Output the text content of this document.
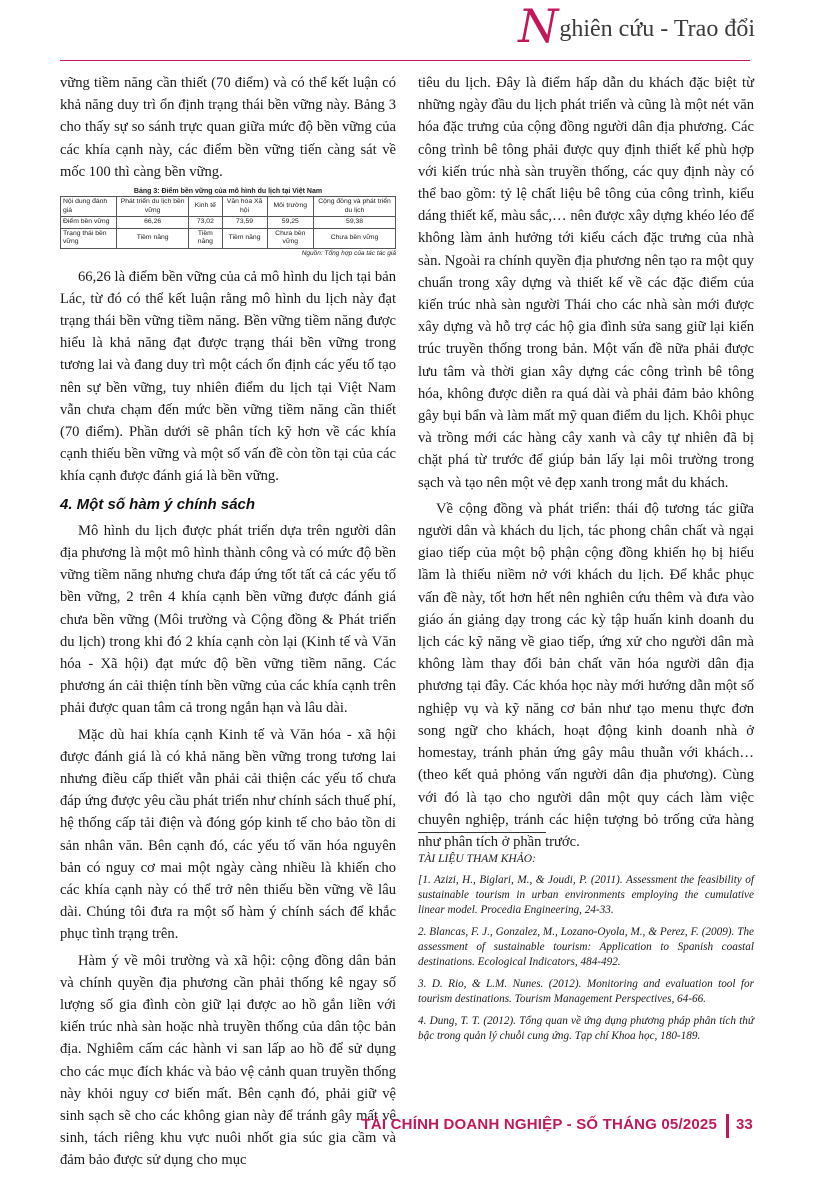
Nghiên cứu - Trao đổi

vững tiềm năng cần thiết (70 điểm) và có thể kết luận có khả năng duy trì ổn định trạng thái bền vững này. Bảng 3 cho thấy sự so sánh trực quan giữa mức độ bền vững của các khía cạnh này, các điểm bền vững tiến càng sát về mốc 100 thì càng bền vững.

Bảng 3: Điểm bền vững của mô hình du lịch tại Việt Nam
Nội dung đánh giá	Phát triển du lịch bền vững	Kinh tế	Văn hóa Xã hội	Môi trường	Cộng đồng và phát triển du lịch
Điểm bền vững	66,26	73,02	73,59	59,25	59,38
Trạng thái bền vững	Tiềm năng	Tiềm năng	Tiềm năng	Chưa bền vững	Chưa bền vững
Nguồn: Tổng hợp của tác tác giả

66,26 là điểm bền vững của cả mô hình du lịch tại bản Lác, từ đó có thể kết luận rằng mô hình du lịch này đạt trạng thái bền vững tiềm năng. Bền vững tiềm năng được hiểu là khả năng đạt được trạng thái bền vững trong tương lai và đang duy trì một cách ổn định các yếu tố tạo nên sự bền vững, tuy nhiên điểm du lịch tại Việt Nam vẫn chưa chạm đến mức bền vững tiềm năng cần thiết (70 điểm). Phần dưới sẽ phân tích kỹ hơn về các khía cạnh thiếu bền vững và một số vấn đề còn tồn tại của các khía cạnh được đánh giá là bền vững.

4. Một số hàm ý chính sách

Mô hình du lịch được phát triển dựa trên người dân địa phương là một mô hình thành công và có mức độ bền vững tiềm năng nhưng chưa đáp ứng tốt tất cả các yếu tố bền vững, 2 trên 4 khía cạnh bền vững được đánh giá chưa bền vững (Môi trường và Cộng đồng & Phát triển du lịch) trong khi đó 2 khía cạnh còn lại (Kinh tế và Văn hóa - Xã hội) đạt mức độ bền vững tiềm năng. Các phương án cải thiện tính bền vững của các khía cạnh trên phải được quan tâm cả trong ngắn hạn và lâu dài.

Mặc dù hai khía cạnh Kinh tế và Văn hóa - xã hội được đánh giá là có khả năng bền vững trong tương lai nhưng điều cấp thiết vẫn phải cải thiện các yếu tố chưa đáp ứng được yêu cầu phát triển như chính sách thuế phí, hệ thống cấp tải điện và đóng góp kinh tế cho bảo tồn di sản nhân văn. Bên cạnh đó, các yếu tố văn hóa nguyên bản có nguy cơ mai một ngày càng nhiều là khiến cho các khía cạnh này có thể trở nên thiếu bền vững về lâu dài. Chúng tôi đưa ra một số hàm ý chính sách để khắc phục tình trạng trên.

Hàm ý về môi trường và xã hội: cộng đồng dân bản và chính quyền địa phương cần phải thống kê ngay số lượng số gia đình còn giữ lại được ao hồ gắn liền với kiến trúc nhà sàn hoặc nhà truyền thống của dân tộc bản địa. Nghiêm cấm các hành vi san lấp ao hồ để sử dụng cho các mục đích khác và bảo vệ cảnh quan truyền thống này khỏi nguy cơ biến mất. Bên cạnh đó, phải giữ vệ sinh sạch sẽ cho các không gian này để tránh gây mất vệ sinh, tách riêng khu vực nuôi nhốt gia súc gia cầm và đảm bảo được sử dụng cho mục

tiêu du lịch. Đây là điểm hấp dẫn du khách đặc biệt từ những ngày đầu du lịch phát triển và cũng là một nét văn hóa đặc trưng của cộng đồng người dân địa phương. Các công trình bê tông phải được quy định thiết kế phù hợp với kiến trúc nhà sàn truyền thống, các quy định này có thể bao gồm: tỷ lệ chất liệu bê tông của công trình, kiểu dáng thiết kế, màu sắc,… nên được xây dựng khéo léo để không làm ảnh hưởng tới kiểu cách đặc trưng của nhà sàn. Ngoài ra chính quyền địa phương nên tạo ra một quy chuẩn trong xây dựng và thiết kế về các đặc điểm của kiến trúc nhà sàn người Thái cho các nhà sàn mới được xây dựng và hỗ trợ các hộ gia đình sửa sang giữ lại kiến trúc truyền thống trong bản. Một vấn đề nữa phải được lưu tâm và thời gian xây dựng các công trình bê tông hóa, không được diễn ra quá dài và phải đảm bảo không gây bụi bẩn và làm mất mỹ quan điểm du lịch. Khôi phục và trồng mới các hàng cây xanh và cây tự nhiên đã bị chặt phá từ trước để giúp bản lấy lại môi trường trong sạch và tạo nên một vẻ đẹp xanh trong mắt du khách.

Về cộng đồng và phát triển: thái độ tương tác giữa người dân và khách du lịch, tác phong chân chất và ngại giao tiếp của một bộ phận cộng đồng khiến họ bị hiểu lầm là thiếu niềm nở với khách du lịch. Để khắc phục vấn đề này, tốt hơn hết nên nghiên cứu thêm và đưa vào giáo án giảng dạy trong các kỳ tập huấn kinh doanh du lịch các kỹ năng về giao tiếp, ứng xử cho người dân mà không làm thay đổi bản chất văn hóa người dân địa phương tại đây. Các khóa học này mới hướng dẫn một số nghiệp vụ và kỹ năng cơ bản như tạo menu thực đơn song ngữ cho khách, hoạt động kinh doanh nhà ở homestay, tránh phản ứng gây mâu thuẫn với khách… (theo kết quả phỏng vấn người dân địa phương). Cùng với đó là tạo cho người dân một quy cách làm việc chuyên nghiệp, tránh các hiện tượng bỏ trống cửa hàng như phân tích ở phần trước.

TÀI LIỆU THAM KHẢO:

[1. Azizi, H., Biglari, M., & Joudi, P. (2011). Assessment the feasibility of sustainable tourism in urban environments employing the cumulative linear model. Procedia Engineering, 24-33.

2. Blancas, F. J., Gonzalez, M., Lozano-Oyola, M., & Perez, F. (2009). The assessment of sustainable tourism: Application to Spanish coastal destinations. Ecological Indicators, 484-492.

3. D. Rio, & L.M. Nunes. (2012). Monitoring and evaluation tool for tourism destinations. Tourism Management Perspectives, 64-66.

4. Dung, T. T. (2012). Tổng quan về ứng dụng phương pháp phân tích thứ bậc trong quản lý chuỗi cung ứng. Tạp chí Khoa học, 180-189.

TÀI CHÍNH DOANH NGHIỆP - SỐ THÁNG 05/2025 33
